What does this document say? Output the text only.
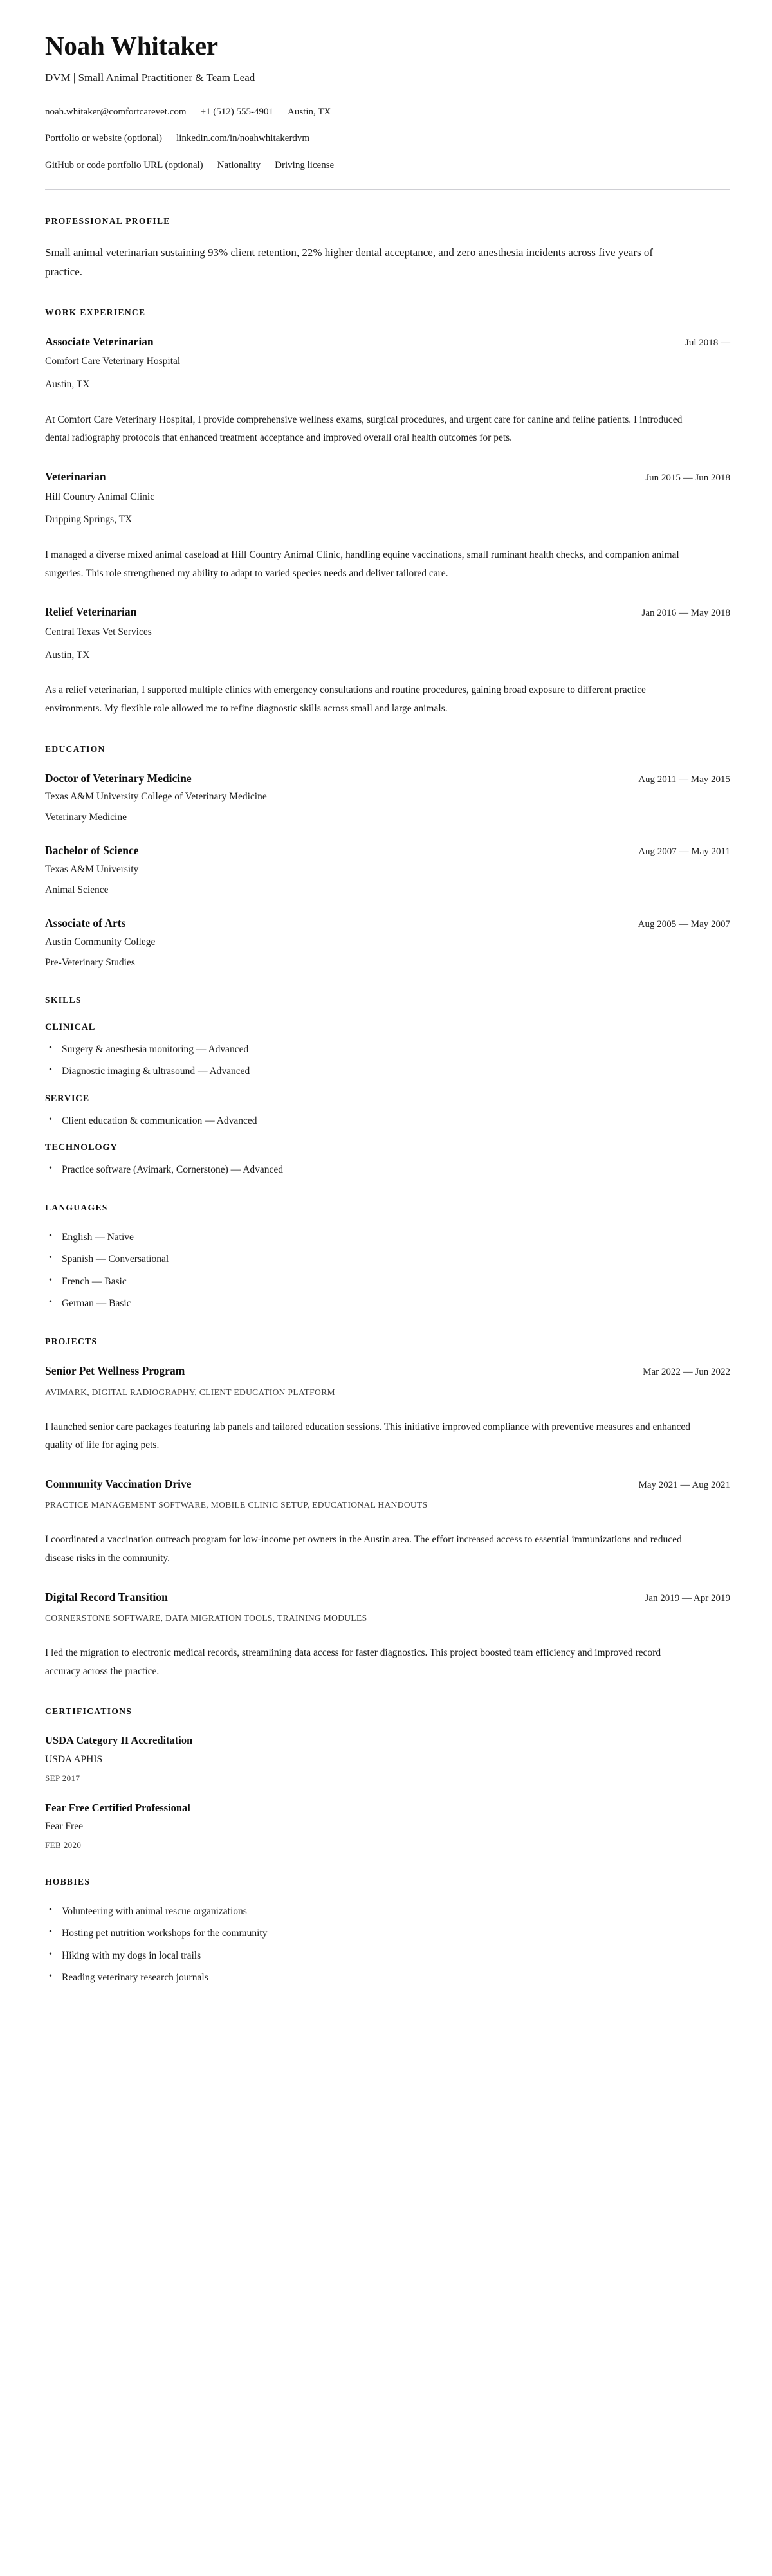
Noah Whitaker
DVM | Small Animal Practitioner & Team Lead
noah.whitaker@comfortcarevet.com +1 (512) 555-4901 Austin, TX
Portfolio or website (optional) linkedin.com/in/noahwhitakerdvm
GitHub or code portfolio URL (optional) Nationality Driving license
PROFESSIONAL PROFILE

Small animal veterinarian sustaining 93% client retention, 22% higher dental acceptance, and zero anesthesia incidents across five years of practice.

WORK EXPERIENCE
Associate Veterinarian	Jul 2018 —
Comfort Care Veterinary Hospital
Austin, TX
At Comfort Care Veterinary Hospital, I provide comprehensive wellness exams, surgical procedures, and urgent care for canine and feline patients. I introduced dental radiography protocols that enhanced treatment acceptance and improved overall oral health outcomes for pets.
Veterinarian	Jun 2015 — Jun 2018
Hill Country Animal Clinic
Dripping Springs, TX
I managed a diverse mixed animal caseload at Hill Country Animal Clinic, handling equine vaccinations, small ruminant health checks, and companion animal surgeries. This role strengthened my ability to adapt to varied species needs and deliver tailored care.
Relief Veterinarian	Jan 2016 — May 2018
Central Texas Vet Services
Austin, TX
As a relief veterinarian, I supported multiple clinics with emergency consultations and routine procedures, gaining broad exposure to different practice environments. My flexible role allowed me to refine diagnostic skills across small and large animals.
EDUCATION
Doctor of Veterinary Medicine	Aug 2011 — May 2015
Texas A&M University College of Veterinary Medicine
Veterinary Medicine
Bachelor of Science	Aug 2007 — May 2011
Texas A&M University
Animal Science
Associate of Arts	Aug 2005 — May 2007
Austin Community College
Pre-Veterinary Studies
SKILLS
CLINICAL
• Surgery & anesthesia monitoring — Advanced
• Diagnostic imaging & ultrasound — Advanced
SERVICE
• Client education & communication — Advanced
TECHNOLOGY
• Practice software (Avimark, Cornerstone) — Advanced
LANGUAGES
• English — Native
• Spanish — Conversational
• French — Basic
• German — Basic
PROJECTS
Senior Pet Wellness Program	Mar 2022 — Jun 2022
AVIMARK, DIGITAL RADIOGRAPHY, CLIENT EDUCATION PLATFORM
I launched senior care packages featuring lab panels and tailored education sessions. This initiative improved compliance with preventive measures and enhanced quality of life for aging pets.
Community Vaccination Drive	May 2021 — Aug 2021
PRACTICE MANAGEMENT SOFTWARE, MOBILE CLINIC SETUP, EDUCATIONAL HANDOUTS
I coordinated a vaccination outreach program for low-income pet owners in the Austin area. The effort increased access to essential immunizations and reduced disease risks in the community.
Digital Record Transition	Jan 2019 — Apr 2019
CORNERSTONE SOFTWARE, DATA MIGRATION TOOLS, TRAINING MODULES
I led the migration to electronic medical records, streamlining data access for faster diagnostics. This project boosted team efficiency and improved record accuracy across the practice.
CERTIFICATIONS
USDA Category II Accreditation
USDA APHIS
SEP 2017
Fear Free Certified Professional
Fear Free
FEB 2020
HOBBIES
• Volunteering with animal rescue organizations
• Hosting pet nutrition workshops for the community
• Hiking with my dogs in local trails
• Reading veterinary research journals
